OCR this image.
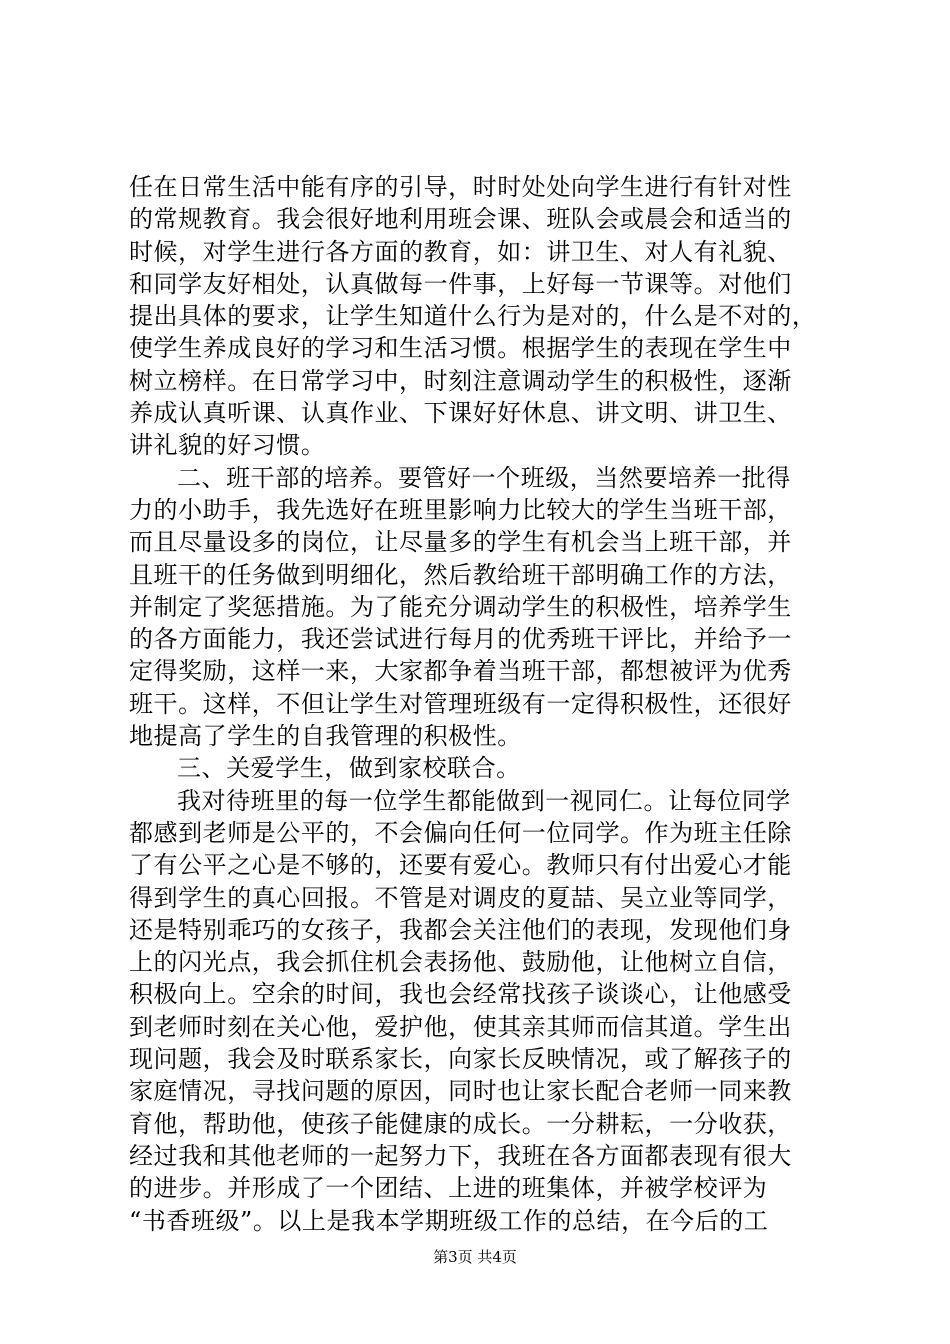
任在日常生活中能有序的引导，时时处处向学生进行有针对性
的常规教育。我会很好地利用班会课、班队会或晨会和适当的
时候，对学生进行各方面的教育，如：讲卫生、对人有礼貌、
和同学友好相处，认真做每一件事，上好每一节课等。对他们
提出具体的要求，让学生知道什么行为是对的，什么是不对的，
使学生养成良好的学习和生活习惯。根据学生的表现在学生中
树立榜样。在日常学习中，时刻注意调动学生的积极性，逐渐
养成认真听课、认真作业、下课好好休息、讲文明、讲卫生、
讲礼貌的好习惯。
二、班干部的培养。要管好一个班级，当然要培养一批得
力的小助手，我先选好在班里影响力比较大的学生当班干部，
而且尽量设多的岗位，让尽量多的学生有机会当上班干部，并
且班干的任务做到明细化，然后教给班干部明确工作的方法，
并制定了奖惩措施。为了能充分调动学生的积极性，培养学生
的各方面能力，我还尝试进行每月的优秀班干评比，并给予一
定得奖励，这样一来，大家都争着当班干部，都想被评为优秀
班干。这样，不但让学生对管理班级有一定得积极性，还很好
地提高了学生的自我管理的积极性。
三、关爱学生，做到家校联合。
我对待班里的每一位学生都能做到一视同仁。让每位同学
都感到老师是公平的，不会偏向任何一位同学。作为班主任除
了有公平之心是不够的，还要有爱心。教师只有付出爱心才能
得到学生的真心回报。不管是对调皮的夏喆、吴立业等同学，
还是特别乖巧的女孩子，我都会关注他们的表现，发现他们身
上的闪光点，我会抓住机会表扬他、鼓励他，让他树立自信，
积极向上。空余的时间，我也会经常找孩子谈谈心，让他感受
到老师时刻在关心他，爱护他，使其亲其师而信其道。学生出
现问题，我会及时联系家长，向家长反映情况，或了解孩子的
家庭情况，寻找问题的原因，同时也让家长配合老师一同来教
育他，帮助他，使孩子能健康的成长。一分耕耘，一分收获，
经过我和其他老师的一起努力下，我班在各方面都表现有很大
的进步。并形成了一个团结、上进的班集体，并被学校评为
“书香班级”。以上是我本学期班级工作的总结，在今后的工
第3页 共4页
